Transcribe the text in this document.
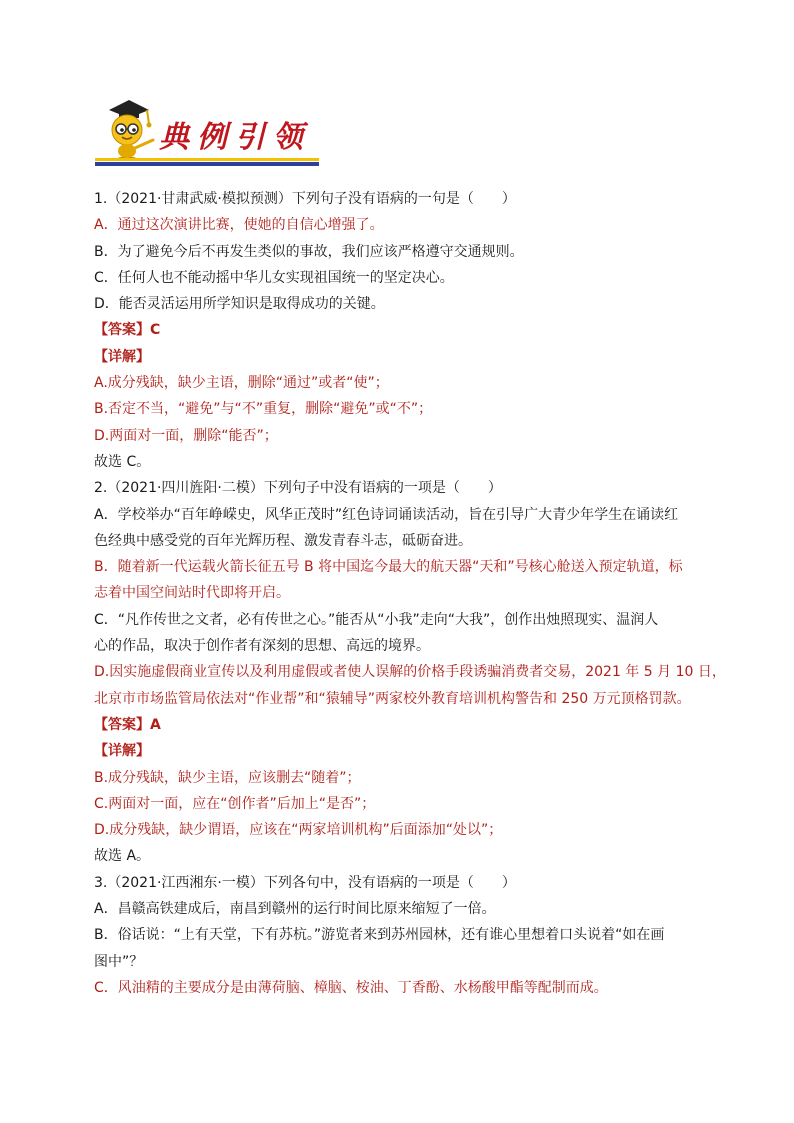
典例引领
1.（2021·甘肃武威·模拟预测）下列句子没有语病的一句是（　　）
A．通过这次演讲比赛，使她的自信心增强了。
B．为了避免今后不再发生类似的事故，我们应该严格遵守交通规则。
C．任何人也不能动摇中华儿女实现祖国统一的坚定决心。
D．能否灵活运用所学知识是取得成功的关键。
【答案】C
【详解】
A.成分残缺，缺少主语，删除“通过”或者“使”；
B.否定不当，“避免”与“不”重复，删除“避免”或“不”；
D.两面对一面，删除“能否”；
故选 C。
2.（2021·四川旌阳·二模）下列句子中没有语病的一项是（　　）
A．学校举办“百年峥嵘史，风华正茂时”红色诗词诵读活动，旨在引导广大青少年学生在诵读红
色经典中感受党的百年光辉历程、激发青春斗志，砥砺奋进。
B．随着新一代运载火箭长征五号 B 将中国迄今最大的航天器“天和”号核心舱送入预定轨道，标
志着中国空间站时代即将开启。
C．“凡作传世之文者，必有传世之心。”能否从“小我”走向“大我”，创作出烛照现实、温润人
心的作品，取决于创作者有深刻的思想、高远的境界。
D.因实施虚假商业宣传以及利用虚假或者使人误解的价格手段诱骗消费者交易，2021 年 5 月 10 日，
北京市市场监管局依法对“作业帮”和“猿辅导”两家校外教育培训机构警告和 250 万元顶格罚款。
【答案】A
【详解】
B.成分残缺，缺少主语，应该删去“随着”；
C.两面对一面，应在“创作者”后加上“是否”；
D.成分残缺，缺少谓语，应该在“两家培训机构”后面添加“处以”；
故选 A。
3.（2021·江西湘东·一模）下列各句中，没有语病的一项是（　　）
A．昌赣高铁建成后，南昌到赣州的运行时间比原来缩短了一倍。
B．俗话说：“上有天堂，下有苏杭。”游览者来到苏州园林，还有谁心里想着口头说着“如在画
图中”？
C．风油精的主要成分是由薄荷脑、樟脑、桉油、丁香酚、水杨酸甲酯等配制而成。
